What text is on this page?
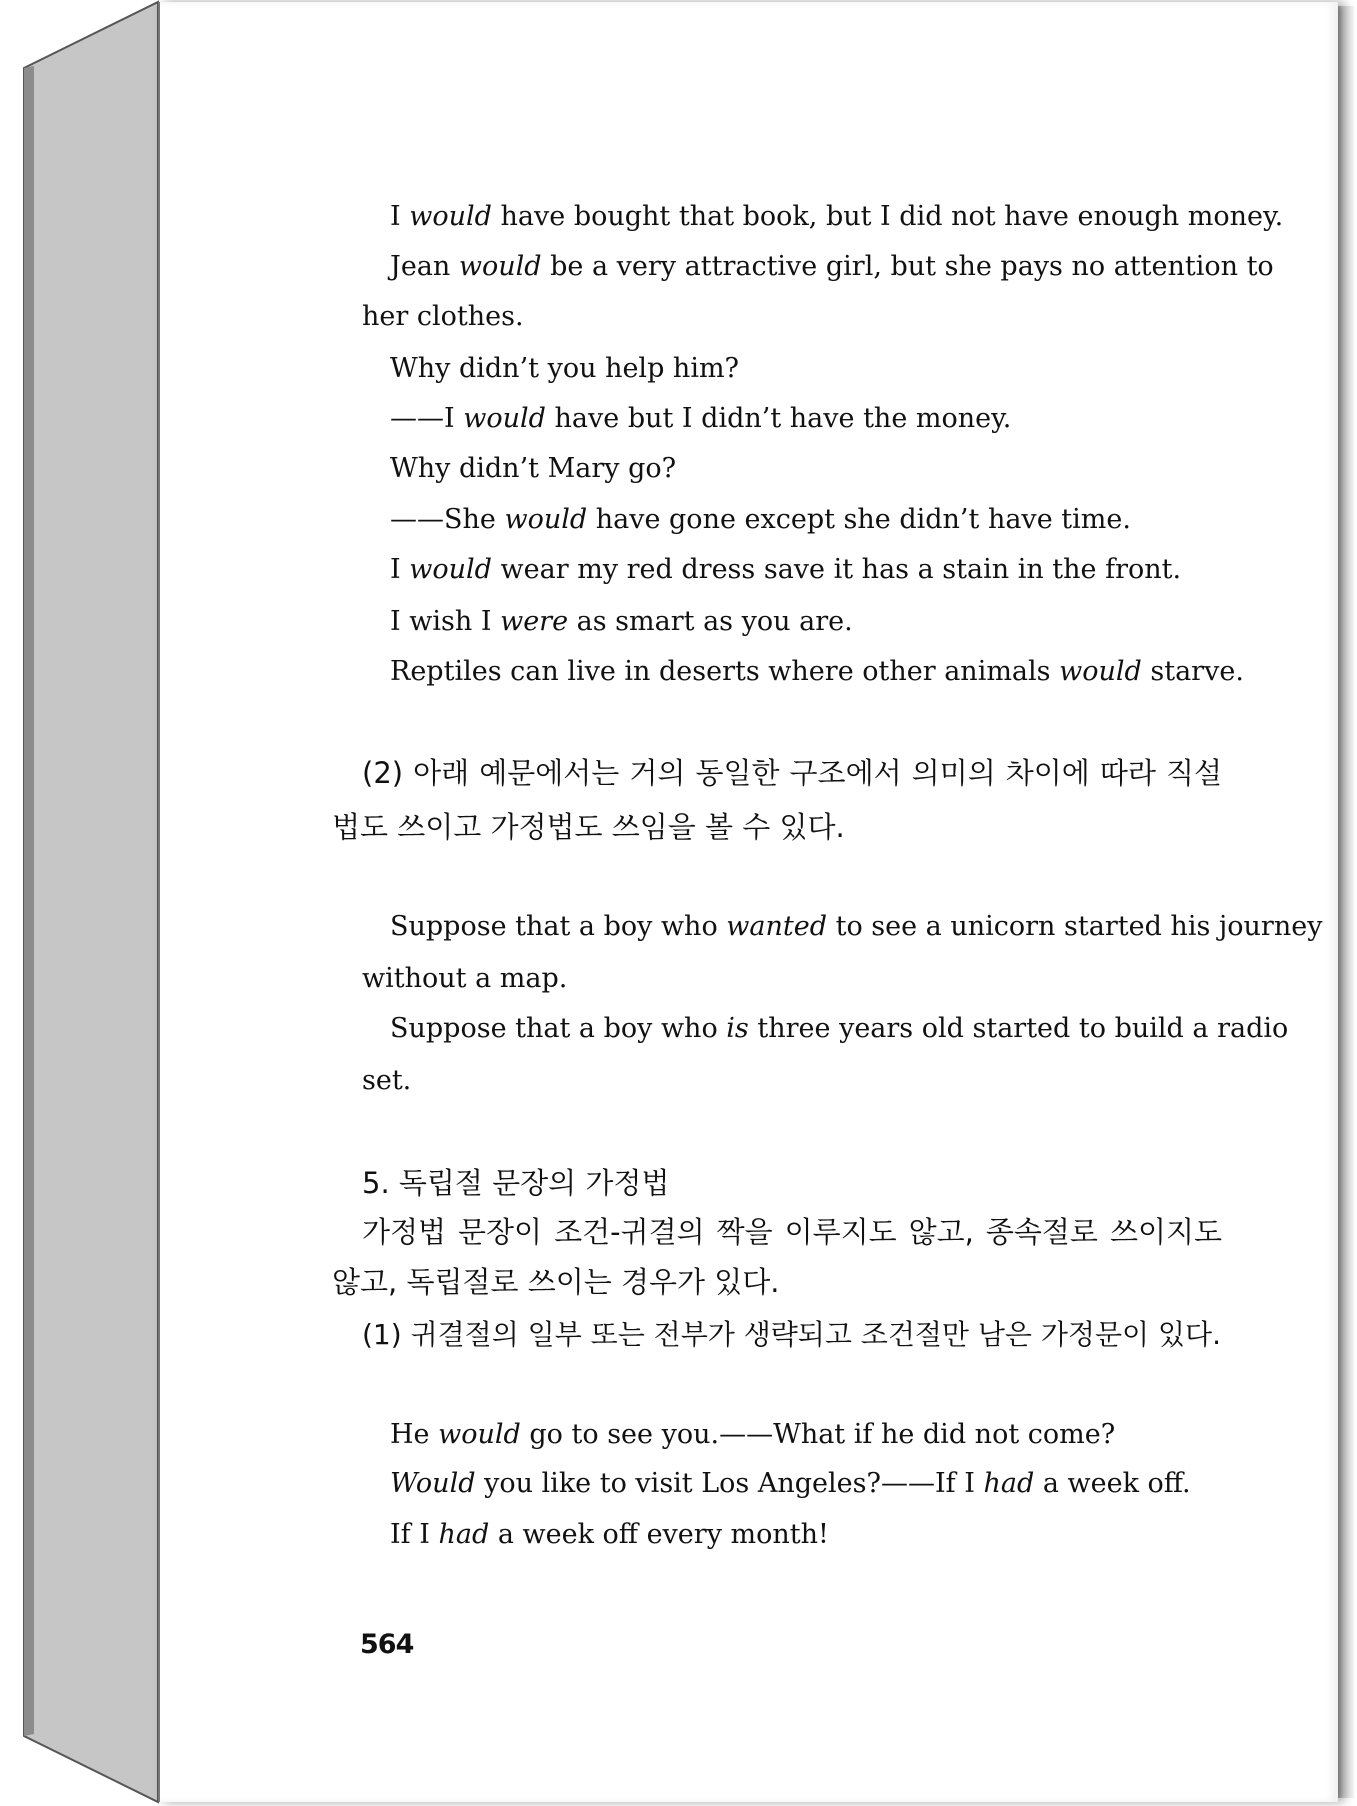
I would have bought that book, but I did not have enough money.
Jean would be a very attractive girl, but she pays no attention to
her clothes.
Why didn’t you help him?
——I would have but I didn’t have the money.
Why didn’t Mary go?
——She would have gone except she didn’t have time.
I would wear my red dress save it has a stain in the front.
I wish I were as smart as you are.
Reptiles can live in deserts where other animals would starve.
(2) 아래 예문에서는 거의 동일한 구조에서 의미의 차이에 따라 직설
법도 쓰이고 가정법도 쓰임을 볼 수 있다.
Suppose that a boy who wanted to see a unicorn started his journey
without a map.
Suppose that a boy who is three years old started to build a radio
set.
5. 독립절 문장의 가정법
가정법 문장이 조건-귀결의 짝을 이루지도 않고, 종속절로 쓰이지도
않고, 독립절로 쓰이는 경우가 있다.
(1) 귀결절의 일부 또는 전부가 생략되고 조건절만 남은 가정문이 있다.
He would go to see you.——What if he did not come?
Would you like to visit Los Angeles?——If I had a week off.
If I had a week off every month!
564
